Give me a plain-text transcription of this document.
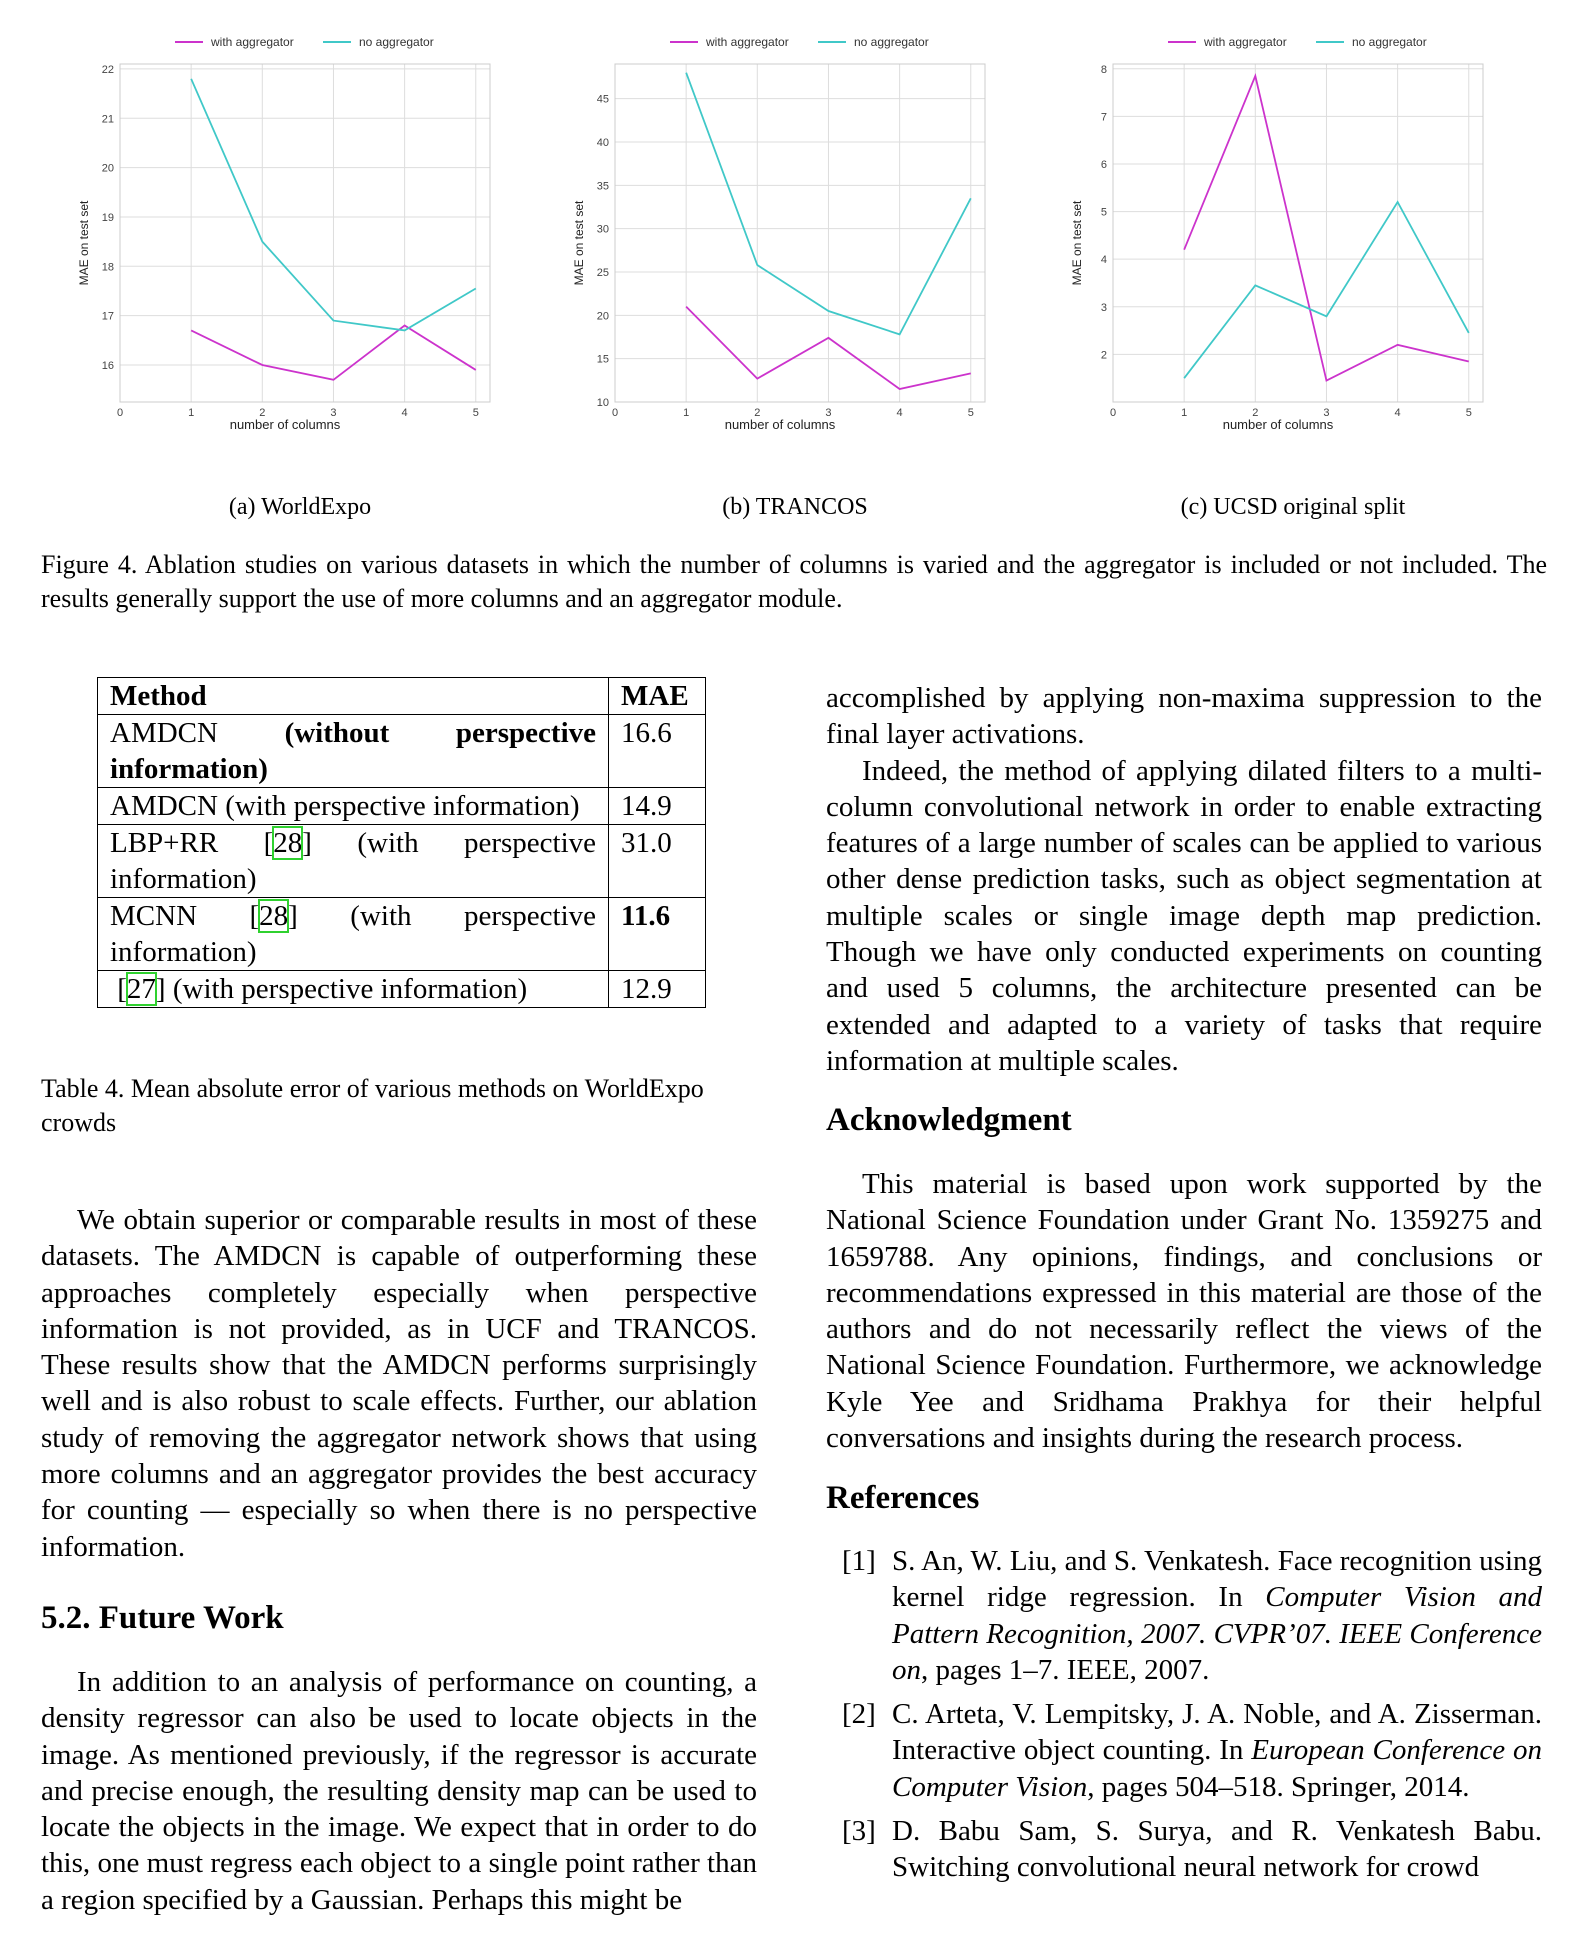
0	1	2	3	4	5
16
17
18
19
20
21
22
number of columns
MAE on test set
with aggregator	no aggregator
0	1	2	3	4	5
10
15
20
25
30
35
40
45
number of columns
MAE on test set
with aggregator	no aggregator
0	1	2	3	4	5
2
3
4
5
6
7
8
number of columns
MAE on test set
with aggregator	no aggregator
(a) WorldExpo	(b) TRANCOS	(c) UCSD original split
Figure 4. Ablation studies on various datasets in which the number of columns is varied and the aggregator is included or not included. The results generally support the use of more columns and an aggregator module.
Method	MAE
AMDCN (without perspective information)	16.6
AMDCN (with perspective information)	14.9
LBP+RR [28] (with perspective information)	31.0
MCNN [28] (with perspective information)	11.6
[27] (with perspective information)	12.9
Table 4. Mean absolute error of various methods on WorldExpo crowds

We obtain superior or comparable results in most of these datasets. The AMDCN is capable of outperforming these approaches completely especially when perspective information is not provided, as in UCF and TRANCOS. These results show that the AMDCN performs surprisingly well and is also robust to scale effects. Further, our ablation study of removing the aggregator network shows that using more columns and an aggregator provides the best accuracy for counting — especially so when there is no perspective information.

5.2. Future Work

In addition to an analysis of performance on counting, a density regressor can also be used to locate objects in the image. As mentioned previously, if the regressor is accurate and precise enough, the resulting density map can be used to locate the objects in the image. We expect that in order to do this, one must regress each object to a single point rather than a region specified by a Gaussian. Perhaps this might be

accomplished by applying non-maxima suppression to the final layer activations.

Indeed, the method of applying dilated filters to a multi-column convolutional network in order to enable extracting features of a large number of scales can be applied to various other dense prediction tasks, such as object segmentation at multiple scales or single image depth map prediction. Though we have only conducted experiments on counting and used 5 columns, the architecture presented can be extended and adapted to a variety of tasks that require information at multiple scales.

Acknowledgment

This material is based upon work supported by the National Science Foundation under Grant No. 1359275 and 1659788. Any opinions, findings, and conclusions or recommendations expressed in this material are those of the authors and do not necessarily reflect the views of the National Science Foundation. Furthermore, we acknowledge Kyle Yee and Sridhama Prakhya for their helpful conversations and insights during the research process.

References
[1] S. An, W. Liu, and S. Venkatesh. Face recognition using kernel ridge regression. In Computer Vision and Pattern Recognition, 2007. CVPR’07. IEEE Conference on, pages 1–7. IEEE, 2007.
[2] C. Arteta, V. Lempitsky, J. A. Noble, and A. Zisserman. Interactive object counting. In European Conference on Computer Vision, pages 504–518. Springer, 2014.
[3] D. Babu Sam, S. Surya, and R. Venkatesh Babu. Switching convolutional neural network for crowd
